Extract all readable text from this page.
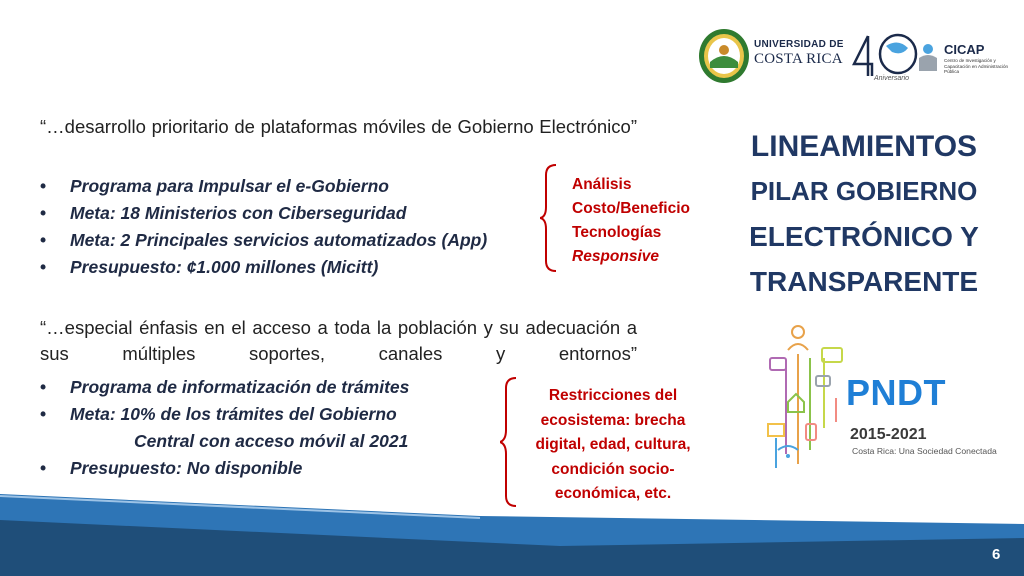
UNIVERSIDAD DE
COSTA RICA
Aniversario
CICAP
Centro de Investigación y Capacitación en Administración Pública
LINEAMIENTOS
PILAR GOBIERNO
ELECTRÓNICO Y
TRANSPARENTE
“…desarrollo prioritario de plataformas móviles de Gobierno Electrónico”
• Programa para Impulsar el e-Gobierno
• Meta: 18 Ministerios con Ciberseguridad
• Meta: 2 Principales servicios automatizados (App)
• Presupuesto: ¢1.000 millones (Micitt)
Análisis
Costo/Beneficio
Tecnologías
Responsive
“…especial énfasis en el acceso a toda la población y su adecuación a sus múltiples soportes, canales y entornos”
• Programa de informatización de trámites
• Meta: 10% de los trámites del Gobierno
Central con acceso móvil al 2021
• Presupuesto: No disponible
Restricciones del
ecosistema: brecha
digital, edad, cultura,
condición socio-
económica, etc.
PNDT
2015-2021
Costa Rica: Una Sociedad Conectada
6
